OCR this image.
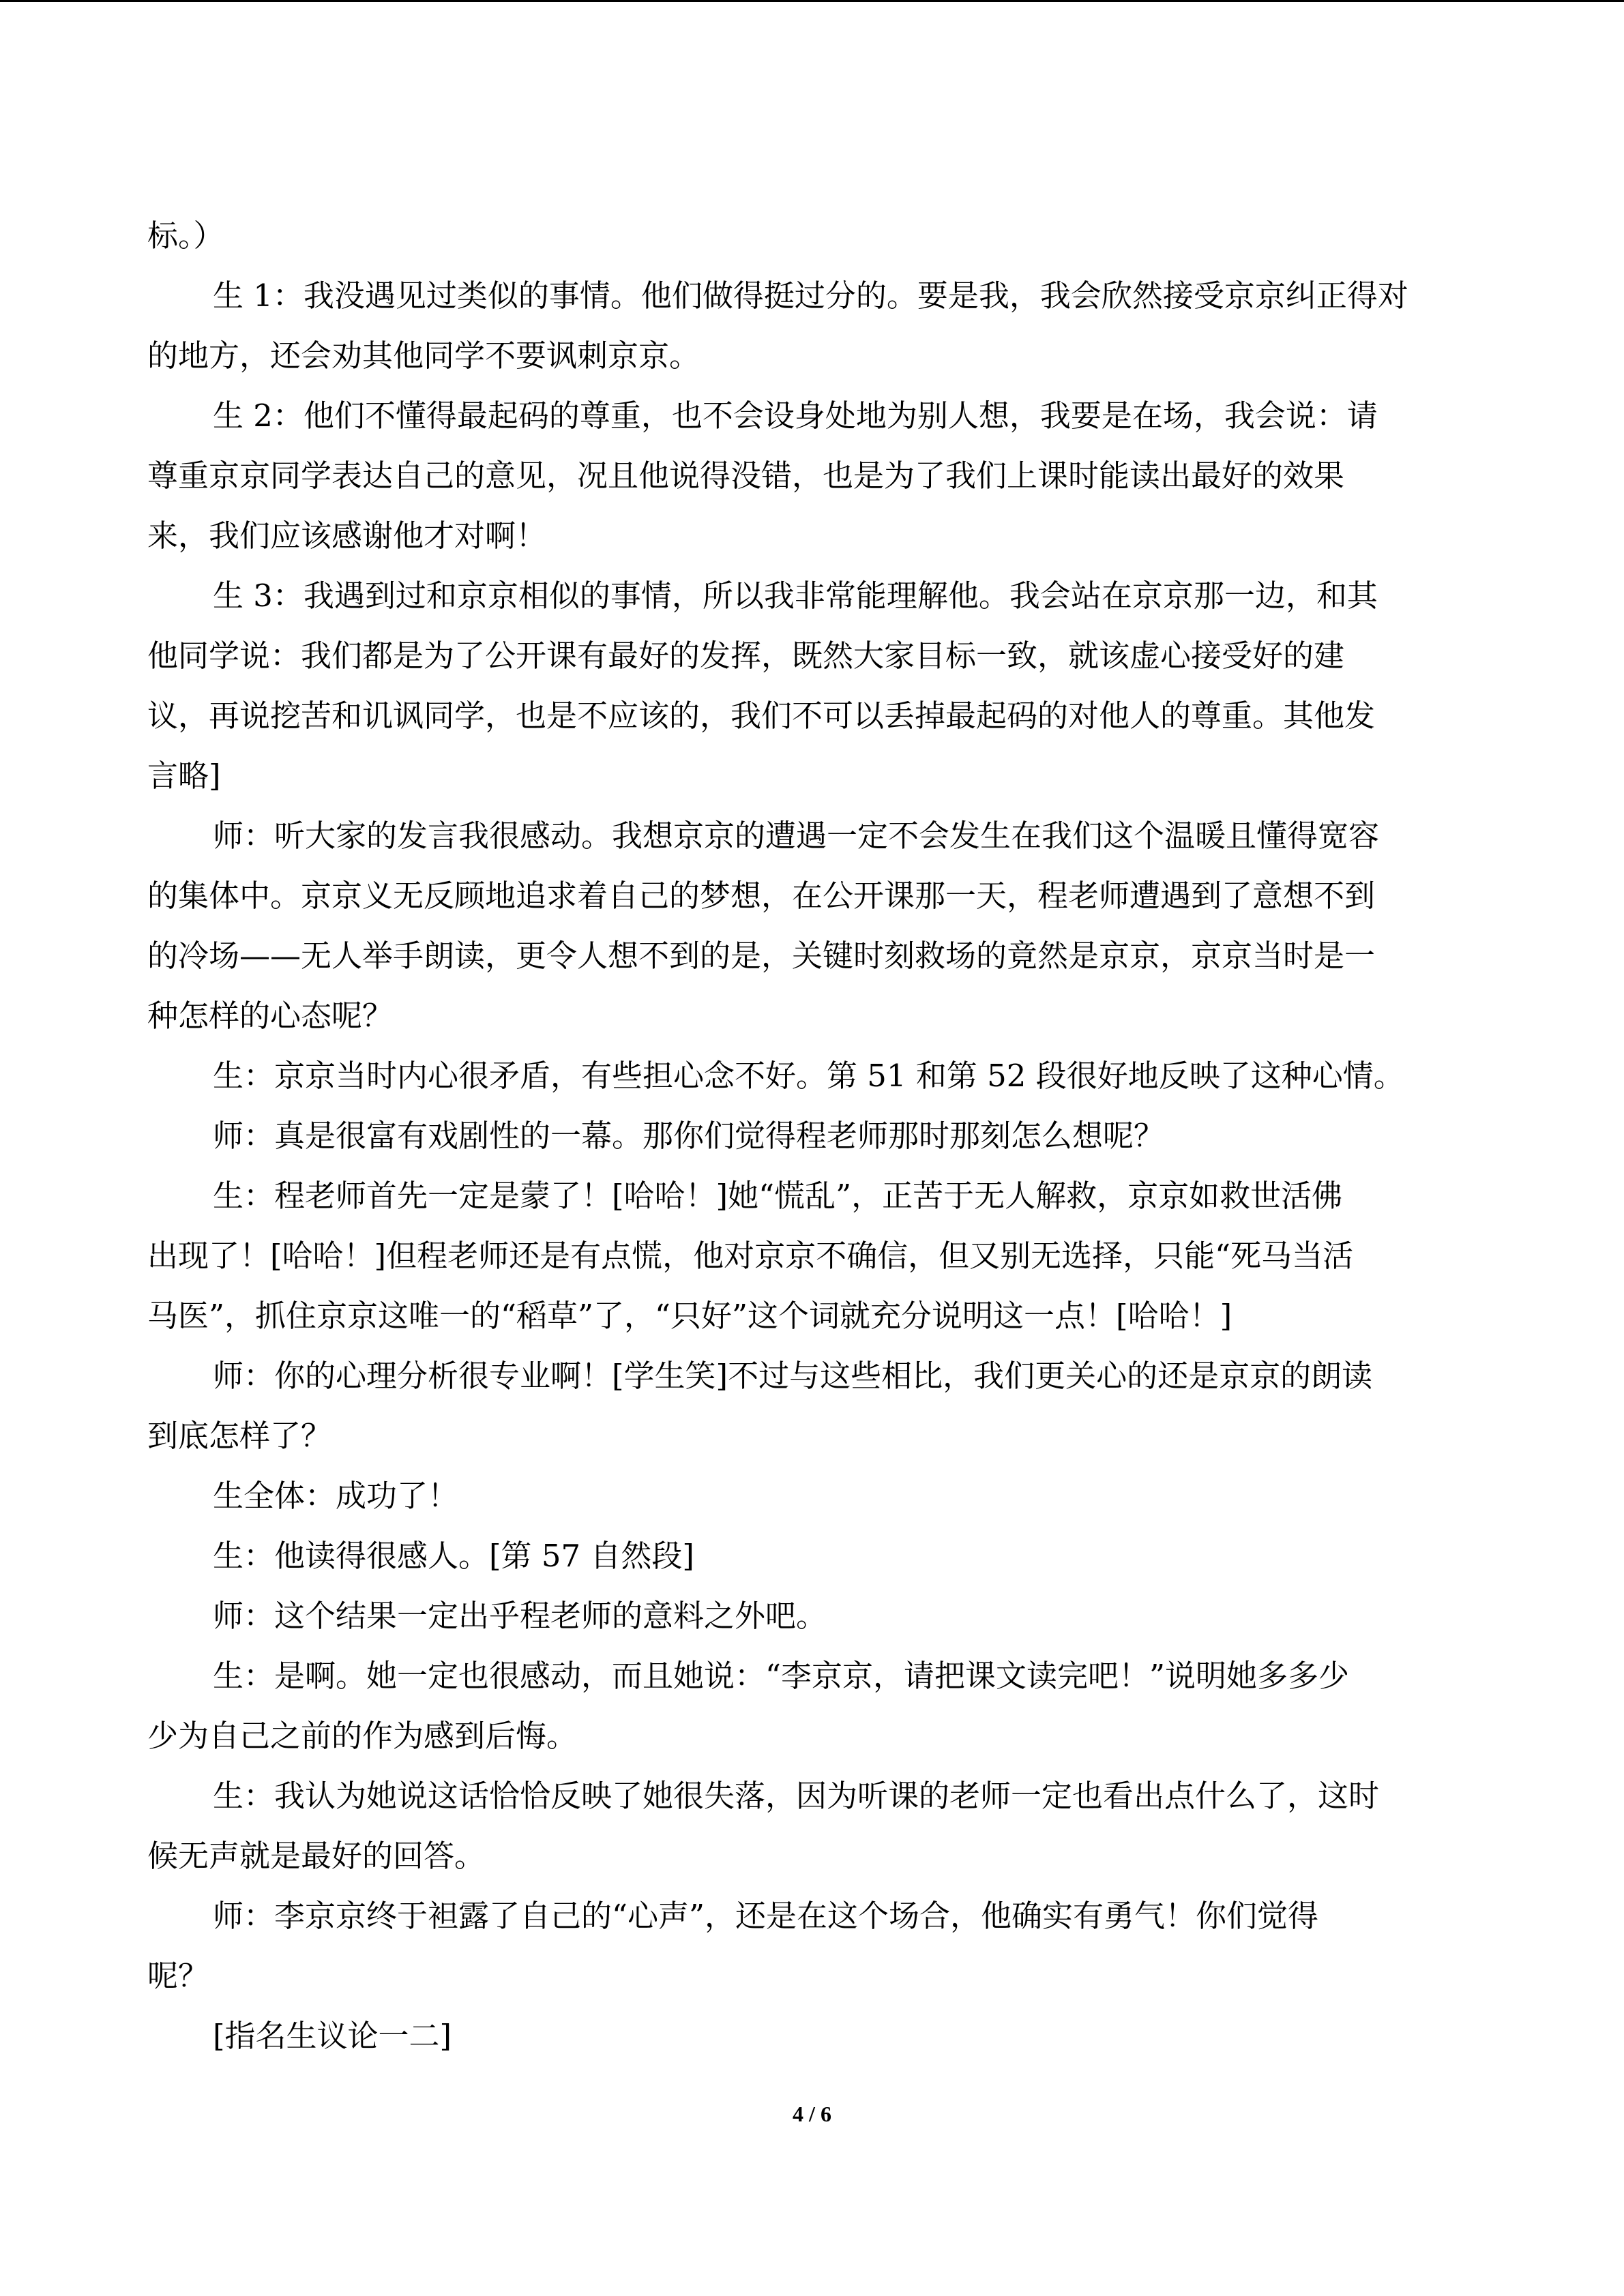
标。）
生 1：我没遇见过类似的事情。他们做得挺过分的。要是我，我会欣然接受京京纠正得对
的地方，还会劝其他同学不要讽刺京京。
生 2：他们不懂得最起码的尊重，也不会设身处地为别人想，我要是在场，我会说：请
尊重京京同学表达自己的意见，况且他说得没错，也是为了我们上课时能读出最好的效果
来，我们应该感谢他才对啊！
生 3：我遇到过和京京相似的事情，所以我非常能理解他。我会站在京京那一边，和其
他同学说：我们都是为了公开课有最好的发挥，既然大家目标一致，就该虚心接受好的建
议，再说挖苦和讥讽同学，也是不应该的，我们不可以丢掉最起码的对他人的尊重。其他发
言略]
师：听大家的发言我很感动。我想京京的遭遇一定不会发生在我们这个温暖且懂得宽容
的集体中。京京义无反顾地追求着自己的梦想，在公开课那一天，程老师遭遇到了意想不到
的冷场——无人举手朗读，更令人想不到的是，关键时刻救场的竟然是京京，京京当时是一
种怎样的心态呢？
生：京京当时内心很矛盾，有些担心念不好。第 51 和第 52 段很好地反映了这种心情。
师：真是很富有戏剧性的一幕。那你们觉得程老师那时那刻怎么想呢？
生：程老师首先一定是蒙了！[哈哈！]她“慌乱”，正苦于无人解救，京京如救世活佛
出现了！[哈哈！]但程老师还是有点慌，他对京京不确信，但又别无选择，只能“死马当活
马医”，抓住京京这唯一的“稻草”了，“只好”这个词就充分说明这一点！[哈哈！]
师：你的心理分析很专业啊！[学生笑]不过与这些相比，我们更关心的还是京京的朗读
到底怎样了？
生全体：成功了！
生：他读得很感人。[第 57 自然段]
师：这个结果一定出乎程老师的意料之外吧。
生：是啊。她一定也很感动，而且她说：“李京京，请把课文读完吧！”说明她多多少
少为自己之前的作为感到后悔。
生：我认为她说这话恰恰反映了她很失落，因为听课的老师一定也看出点什么了，这时
候无声就是最好的回答。
师：李京京终于袒露了自己的“心声”，还是在这个场合，他确实有勇气！你们觉得
呢？
[指名生议论一二]
4 / 6
